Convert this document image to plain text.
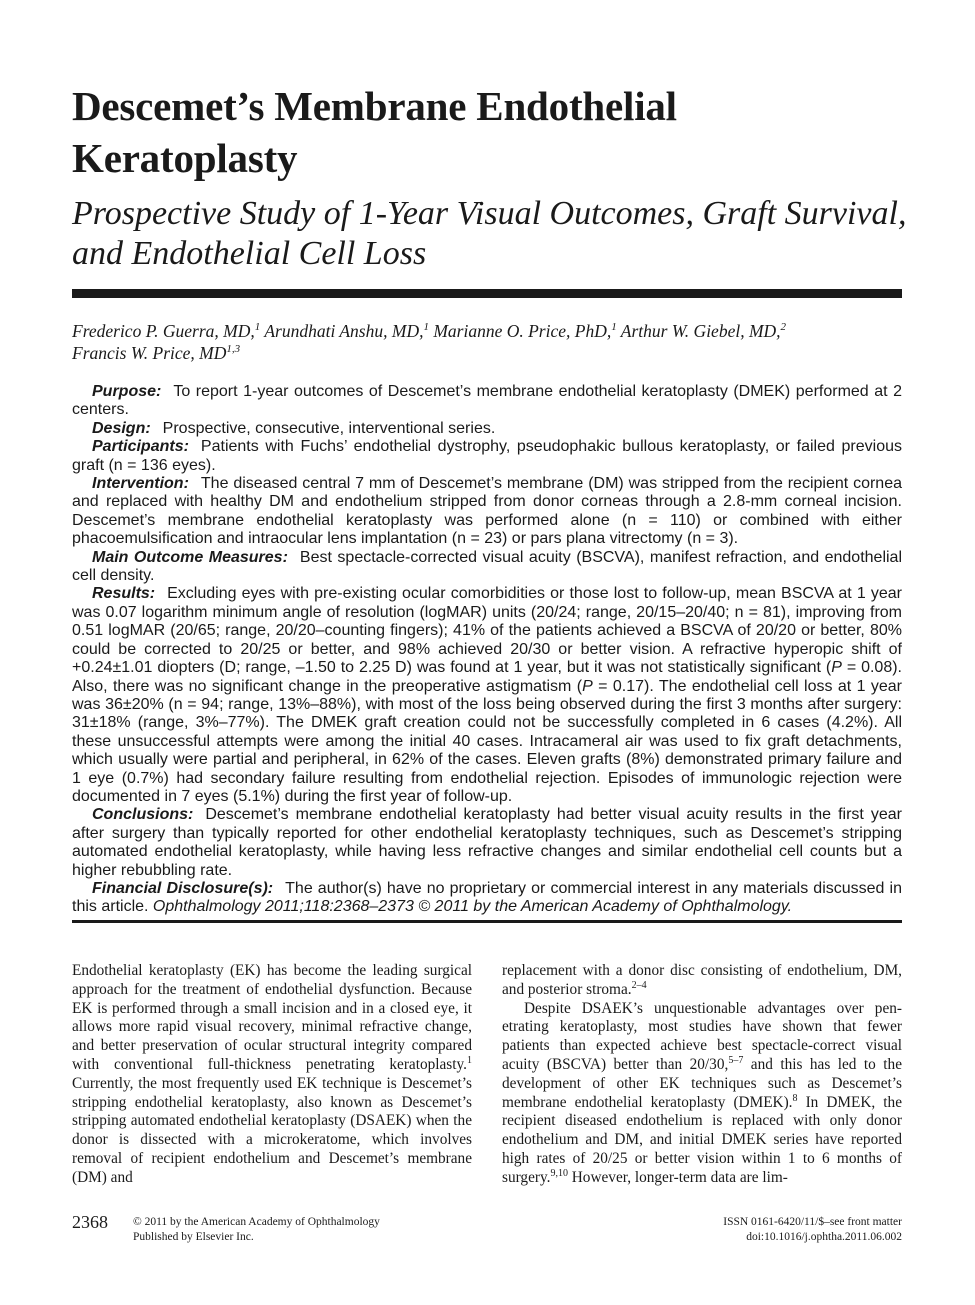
Descemet’s Membrane Endothelial Keratoplasty
Prospective Study of 1-Year Visual Outcomes, Graft Survival, and Endothelial Cell Loss
Frederico P. Guerra, MD,$^1$ Arundhati Anshu, MD,$^1$ Marianne O. Price, PhD,$^1$ Arthur W. Giebel, MD,$^2$
Francis W. Price, MD$^{1,3}$

Purpose: To report 1-year outcomes of Descemet’s membrane endothelial keratoplasty (DMEK) performed at 2 centers.

Design: Prospective, consecutive, interventional series.

Participants: Patients with Fuchs’ endothelial dystrophy, pseudophakic bullous keratoplasty, or failed previous graft (n = 136 eyes).

Intervention: The diseased central 7 mm of Descemet’s membrane (DM) was stripped from the recipient cornea and replaced with healthy DM and endothelium stripped from donor corneas through a 2.8-mm corneal incision. Descemet’s membrane endothelial keratoplasty was performed alone (n = 110) or combined with either phacoemulsification and intraocular lens implantation (n = 23) or pars plana vitrectomy (n = 3).

Main Outcome Measures: Best spectacle-corrected visual acuity (BSCVA), manifest refraction, and endothelial cell density.

Results: Excluding eyes with pre-existing ocular comorbidities or those lost to follow-up, mean BSCVA at 1 year was 0.07 logarithm minimum angle of resolution (logMAR) units (20/24; range, 20/15–20/40; n = 81), improving from 0.51 logMAR (20/65; range, 20/20–counting fingers); 41% of the patients achieved a BSCVA of 20/20 or better, 80% could be corrected to 20/25 or better, and 98% achieved 20/30 or better vision. A refractive hyperopic shift of +0.24±1.01 diopters (D; range, –1.50 to 2.25 D) was found at 1 year, but it was not statistically significant (P = 0.08). Also, there was no significant change in the preoperative astigmatism (P = 0.17). The endothelial cell loss at 1 year was 36±20% (n = 94; range, 13%–88%), with most of the loss being observed during the first 3 months after surgery: 31±18% (range, 3%–77%). The DMEK graft creation could not be successfully completed in 6 cases (4.2%). All these unsuccessful attempts were among the initial 40 cases. Intracameral air was used to fix graft detachments, which usually were partial and peripheral, in 62% of the cases. Eleven grafts (8%) demonstrated primary failure and 1 eye (0.7%) had secondary failure resulting from endothelial rejection. Episodes of immunologic rejection were documented in 7 eyes (5.1%) during the first year of follow-up.

Conclusions: Descemet’s membrane endothelial keratoplasty had better visual acuity results in the first year after surgery than typically reported for other endothelial keratoplasty techniques, such as Descemet’s stripping automated endothelial keratoplasty, while having less refractive changes and similar endothelial cell counts but a higher rebubbling rate.

Financial Disclosure(s): The author(s) have no proprietary or commercial interest in any materials discussed in this article. Ophthalmology 2011;118:2368–2373 © 2011 by the American Academy of Ophthalmology.

Endothelial keratoplasty (EK) has become the leading surgical approach for the treatment of endothelial dysfunction. Because EK is performed through a small incision and in a closed eye, it allows more rapid visual recovery, minimal refractive change, and better preservation of ocular structural integrity compared with conventional full-thickness penetrating keratoplasty.$^1$ Currently, the most frequently used EK technique is Descemet’s stripping endothelial keratoplasty, also known as Descemet’s stripping automated endothelial keratoplasty (DSAEK) when the donor is dissected with a microkeratome, which involves removal of recipient endothelium and Descemet’s membrane (DM) and

replacement with a donor disc consisting of endothelium, DM, and posterior stroma.$^{2-4}$

Despite DSAEK’s unquestionable advantages over penetrating keratoplasty, most studies have shown that fewer patients than expected achieve best spectacle-correct visual acuity (BSCVA) better than 20/30,$^{5-7}$ and this has led to the development of other EK techniques such as Descemet’s membrane endothelial keratoplasty (DMEK).$^8$ In DMEK, the recipient diseased endothelium is replaced with only donor endothelium and DM, and initial DMEK series have reported high rates of 20/25 or better vision within 1 to 6 months of surgery.$^{9,10}$ However, longer-term data are lim-

2368 © 2011 by the American Academy of Ophthalmology
Published by Elsevier Inc.
ISSN 0161-6420/11/$–see front matter
doi:10.1016/j.ophtha.2011.06.002
